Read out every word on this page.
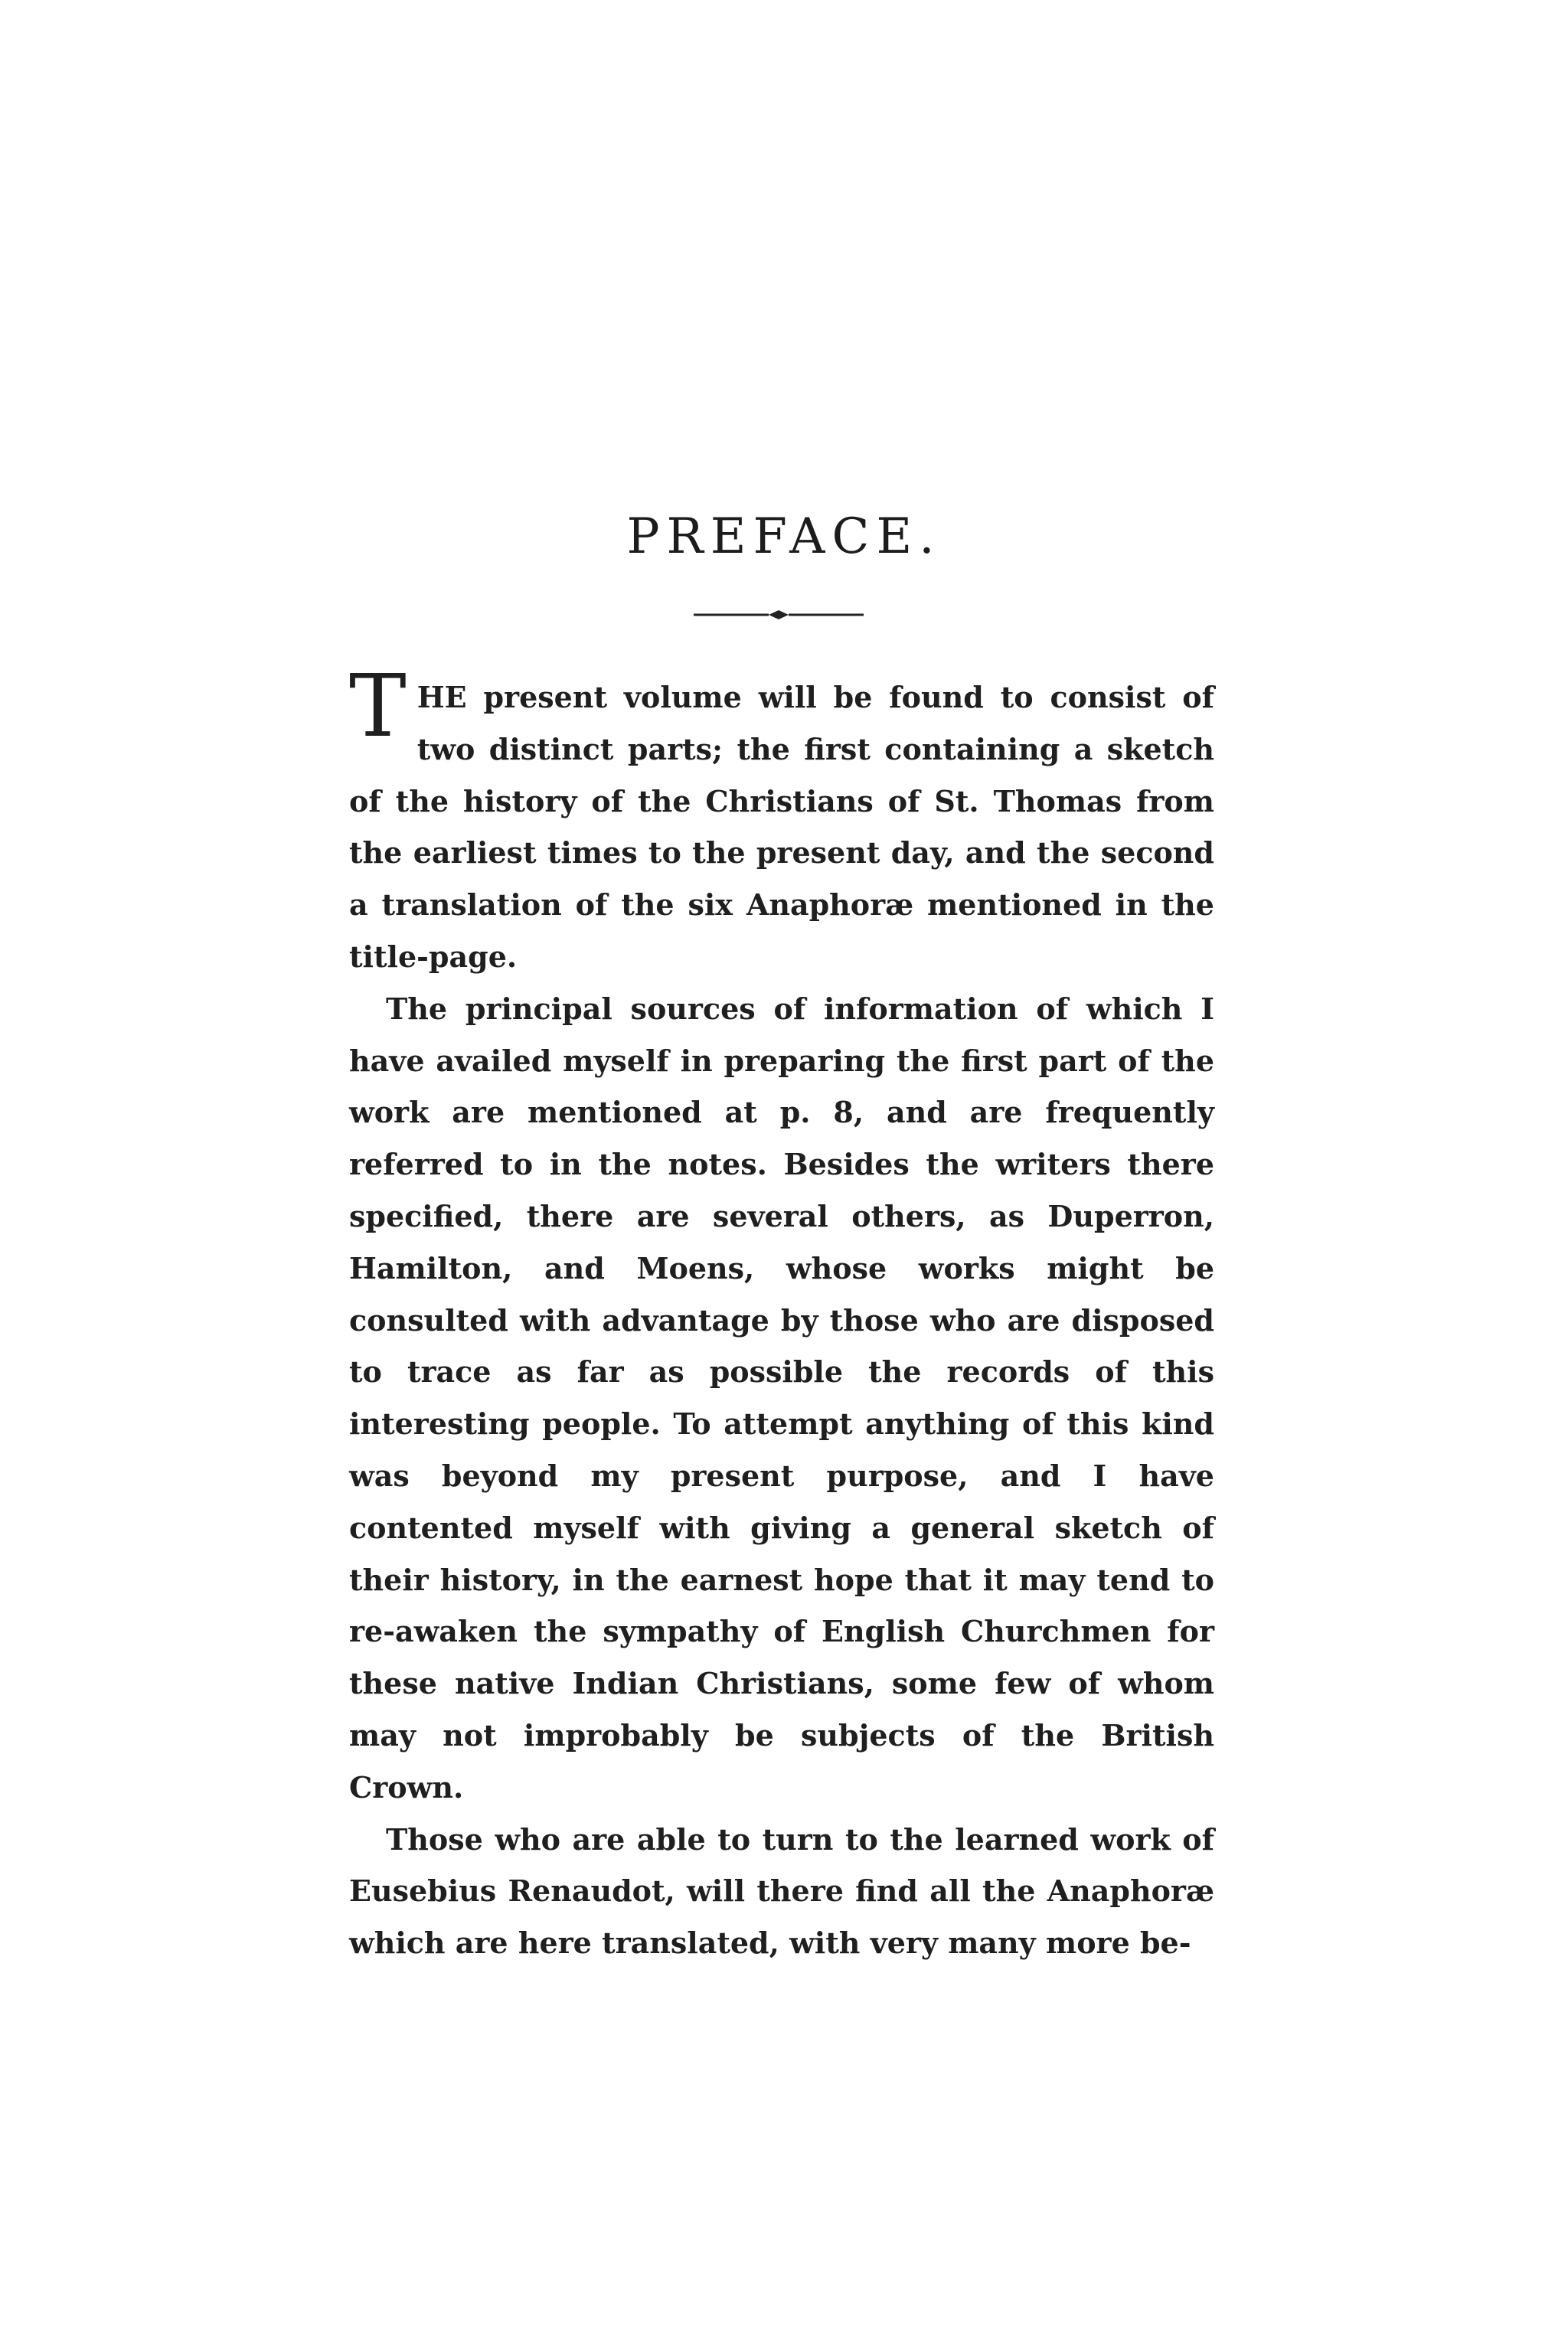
PREFACE.

THE present volume will be found to consist of two distinct parts; the first containing a sketch of the history of the Christians of St. Thomas from the earliest times to the present day, and the second a translation of the six Anaphoræ mentioned in the title-page.

The principal sources of information of which I have availed myself in preparing the first part of the work are mentioned at p. 8, and are frequently referred to in the notes. Besides the writers there specified, there are several others, as Duperron, Hamilton, and Moens, whose works might be consulted with advantage by those who are disposed to trace as far as possible the records of this interesting people. To attempt anything of this kind was beyond my present purpose, and I have contented myself with giving a general sketch of their history, in the earnest hope that it may tend to re-awaken the sympathy of English Churchmen for these native Indian Christians, some few of whom may not improbably be subjects of the British Crown.

Those who are able to turn to the learned work of Eusebius Renaudot, will there find all the Anaphoræ which are here translated, with very many more be-
